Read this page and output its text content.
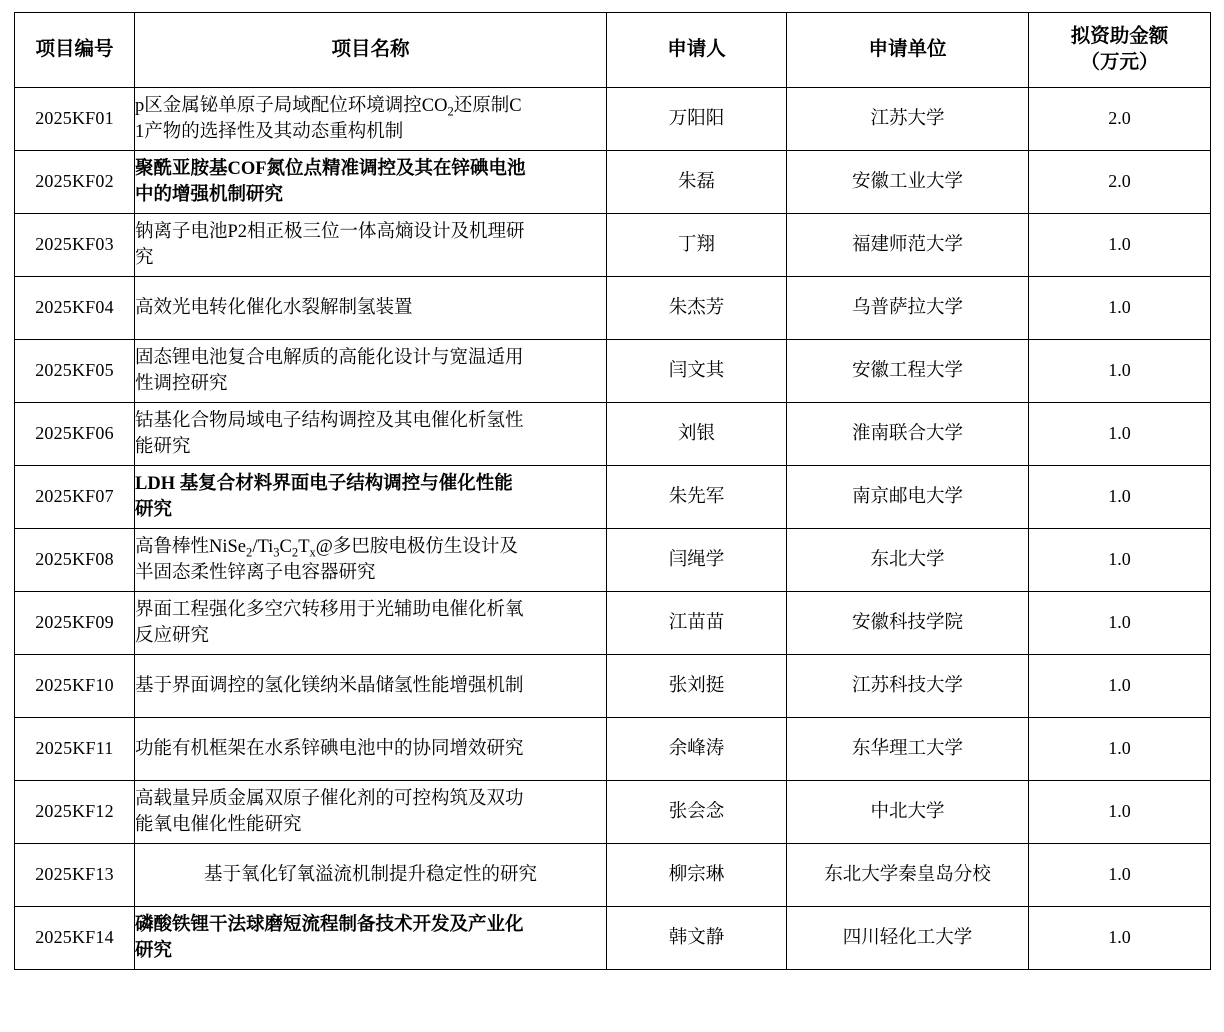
项目编号	项目名称	申请人	申请单位	拟资助金额
（万元）

2025KF01	p区金属铋单原子局域配位环境调控$CO_2$还原制C
1产物的选择性及其动态重构机制	万阳阳	江苏大学	2.0
2025KF02	聚酰亚胺基COF氮位点精准调控及其在锌碘电池
中的增强机制研究	朱磊	安徽工业大学	2.0
2025KF03	钠离子电池P2相正极三位一体高熵设计及机理研
究	丁翔	福建师范大学	1.0
2025KF04	高效光电转化催化水裂解制氢装置	朱杰芳	乌普萨拉大学	1.0
2025KF05	固态锂电池复合电解质的高能化设计与宽温适用
性调控研究	闫文其	安徽工程大学	1.0
2025KF06	钴基化合物局域电子结构调控及其电催化析氢性
能研究	刘银	淮南联合大学	1.0
2025KF07	LDH 基复合材料界面电子结构调控与催化性能
研究	朱先军	南京邮电大学	1.0
2025KF08	高鲁棒性$NiSe_2/Ti_3C_2T_x@$多巴胺电极仿生设计及
半固态柔性锌离子电容器研究	闫绳学	东北大学	1.0
2025KF09	界面工程强化多空穴转移用于光辅助电催化析氧
反应研究	江苗苗	安徽科技学院	1.0
2025KF10	基于界面调控的氢化镁纳米晶储氢性能增强机制	张刘挺	江苏科技大学	1.0
2025KF11	功能有机框架在水系锌碘电池中的协同增效研究	余峰涛	东华理工大学	1.0
2025KF12	高载量异质金属双原子催化剂的可控构筑及双功
能氧电催化性能研究	张会念	中北大学	1.0
2025KF13	基于氧化钌氧溢流机制提升稳定性的研究	柳宗琳	东北大学秦皇岛分校	1.0
2025KF14	磷酸铁锂干法球磨短流程制备技术开发及产业化
研究	韩文静	四川轻化工大学	1.0
